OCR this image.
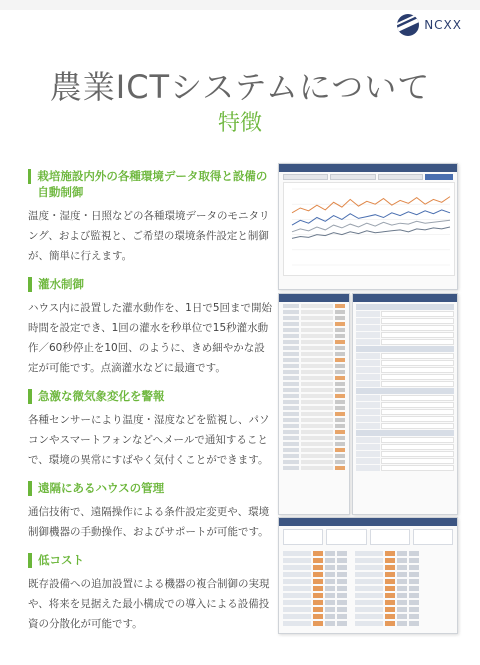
NCXX
農業ICTシステムについて
特徴
栽培施設内外の各種環境データ取得と設備の自動制御
温度・湿度・日照などの各種環境データのモニタリング、および監視と、ご希望の環境条件設定と制御が、簡単に行えます。
灌水制御
ハウス内に設置した灌水動作を、1日で5回まで開始時間を設定でき、1回の灌水を秒単位で15秒灌水動作／60秒停止を10回、のように、きめ細やかな設定が可能です。点滴灌水などに最適です。
急激な微気象変化を警報
各種センサーにより温度・湿度などを監視し、パソコンやスマートフォンなどへメールで通知することで、環境の異常にすばやく気付くことができます。
遠隔にあるハウスの管理
通信技術で、遠隔操作による条件設定変更や、環境制御機器の手動操作、およびサポートが可能です。
低コスト
既存設備への追加設置による機器の複合制御の実現や、将来を見据えた最小構成での導入による設備投資の分散化が可能です。
